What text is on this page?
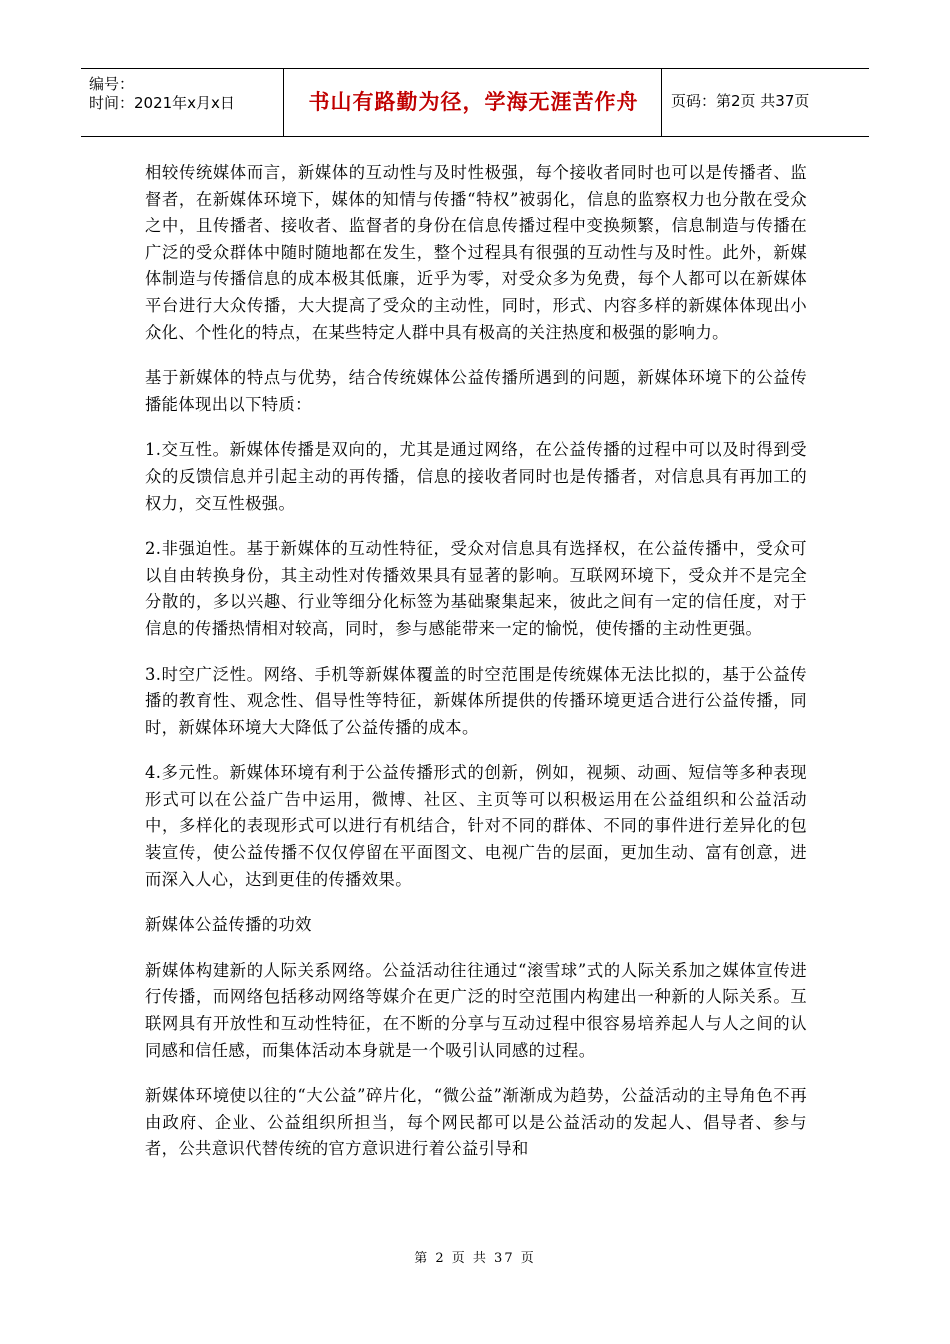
编号：
时间：2021年x月x日	书山有路勤为径，学海无涯苦作舟	页码：第2页 共37页

相较传统媒体而言，新媒体的互动性与及时性极强，每个接收者同时也可以是传播者、监督者，在新媒体环境下，媒体的知情与传播“特权”被弱化，信息的监察权力也分散在受众之中，且传播者、接收者、监督者的身份在信息传播过程中变换频繁，信息制造与传播在广泛的受众群体中随时随地都在发生，整个过程具有很强的互动性与及时性。此外，新媒体制造与传播信息的成本极其低廉，近乎为零，对受众多为免费，每个人都可以在新媒体平台进行大众传播，大大提高了受众的主动性，同时，形式、内容多样的新媒体体现出小众化、个性化的特点，在某些特定人群中具有极高的关注热度和极强的影响力。

基于新媒体的特点与优势，结合传统媒体公益传播所遇到的问题，新媒体环境下的公益传播能体现出以下特质：

1.交互性。新媒体传播是双向的，尤其是通过网络，在公益传播的过程中可以及时得到受众的反馈信息并引起主动的再传播，信息的接收者同时也是传播者，对信息具有再加工的权力，交互性极强。

2.非强迫性。基于新媒体的互动性特征，受众对信息具有选择权，在公益传播中，受众可以自由转换身份，其主动性对传播效果具有显著的影响。互联网环境下，受众并不是完全分散的，多以兴趣、行业等细分化标签为基础聚集起来，彼此之间有一定的信任度，对于信息的传播热情相对较高，同时，参与感能带来一定的愉悦，使传播的主动性更强。

3.时空广泛性。网络、手机等新媒体覆盖的时空范围是传统媒体无法比拟的，基于公益传播的教育性、观念性、倡导性等特征，新媒体所提供的传播环境更适合进行公益传播，同时，新媒体环境大大降低了公益传播的成本。

4.多元性。新媒体环境有利于公益传播形式的创新，例如，视频、动画、短信等多种表现形式可以在公益广告中运用，微博、社区、主页等可以积极运用在公益组织和公益活动中，多样化的表现形式可以进行有机结合，针对不同的群体、不同的事件进行差异化的包装宣传，使公益传播不仅仅停留在平面图文、电视广告的层面，更加生动、富有创意，进而深入人心，达到更佳的传播效果。

新媒体公益传播的功效

新媒体构建新的人际关系网络。公益活动往往通过“滚雪球”式的人际关系加之媒体宣传进行传播，而网络包括移动网络等媒介在更广泛的时空范围内构建出一种新的人际关系。互联网具有开放性和互动性特征，在不断的分享与互动过程中很容易培养起人与人之间的认同感和信任感，而集体活动本身就是一个吸引认同感的过程。

新媒体环境使以往的“大公益”碎片化，“微公益”渐渐成为趋势，公益活动的主导角色不再由政府、企业、公益组织所担当，每个网民都可以是公益活动的发起人、倡导者、参与者，公共意识代替传统的官方意识进行着公益引导和

第 2 页 共 37 页
